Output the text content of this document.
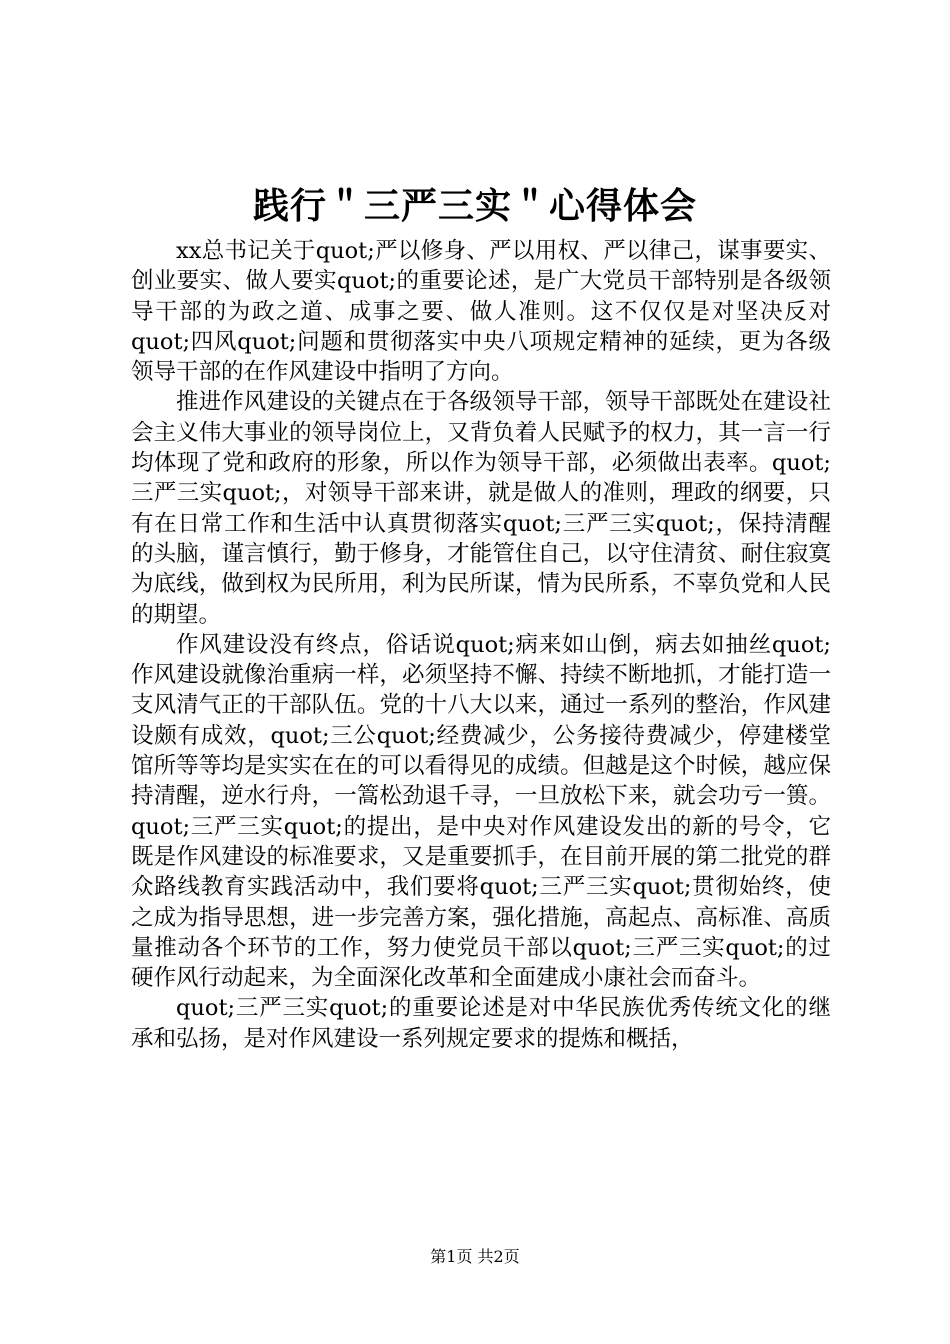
践行＂三严三实＂心得体会

xx总书记关于quot;严以修身、严以用权、严以律己，谋事要实、创业要实、做人要实quot;的重要论述，是广大党员干部特别是各级领导干部的为政之道、成事之要、做人准则。这不仅仅是对坚决反对quot;四风quot;问题和贯彻落实中央八项规定精神的延续，更为各级领导干部的在作风建设中指明了方向。

推进作风建设的关键点在于各级领导干部，领导干部既处在建设社会主义伟大事业的领导岗位上，又背负着人民赋予的权力，其一言一行均体现了党和政府的形象，所以作为领导干部，必须做出表率。quot;三严三实quot;，对领导干部来讲，就是做人的准则，理政的纲要，只有在日常工作和生活中认真贯彻落实quot;三严三实quot;，保持清醒的头脑，谨言慎行，勤于修身，才能管住自己，以守住清贫、耐住寂寞为底线，做到权为民所用，利为民所谋，情为民所系，不辜负党和人民的期望。

作风建设没有终点，俗话说quot;病来如山倒，病去如抽丝quot;作风建设就像治重病一样，必须坚持不懈、持续不断地抓，才能打造一支风清气正的干部队伍。党的十八大以来，通过一系列的整治，作风建设颇有成效，quot;三公quot;经费减少，公务接待费减少，停建楼堂馆所等等均是实实在在的可以看得见的成绩。但越是这个时候，越应保持清醒，逆水行舟，一篙松劲退千寻，一旦放松下来，就会功亏一篑。quot;三严三实quot;的提出，是中央对作风建设发出的新的号令，它既是作风建设的标准要求，又是重要抓手，在目前开展的第二批党的群众路线教育实践活动中，我们要将quot;三严三实quot;贯彻始终，使之成为指导思想，进一步完善方案，强化措施，高起点、高标准、高质量推动各个环节的工作，努力使党员干部以quot;三严三实quot;的过硬作风行动起来，为全面深化改革和全面建成小康社会而奋斗。

quot;三严三实quot;的重要论述是对中华民族优秀传统文化的继承和弘扬，是对作风建设一系列规定要求的提炼和概括，

第1页 共2页
